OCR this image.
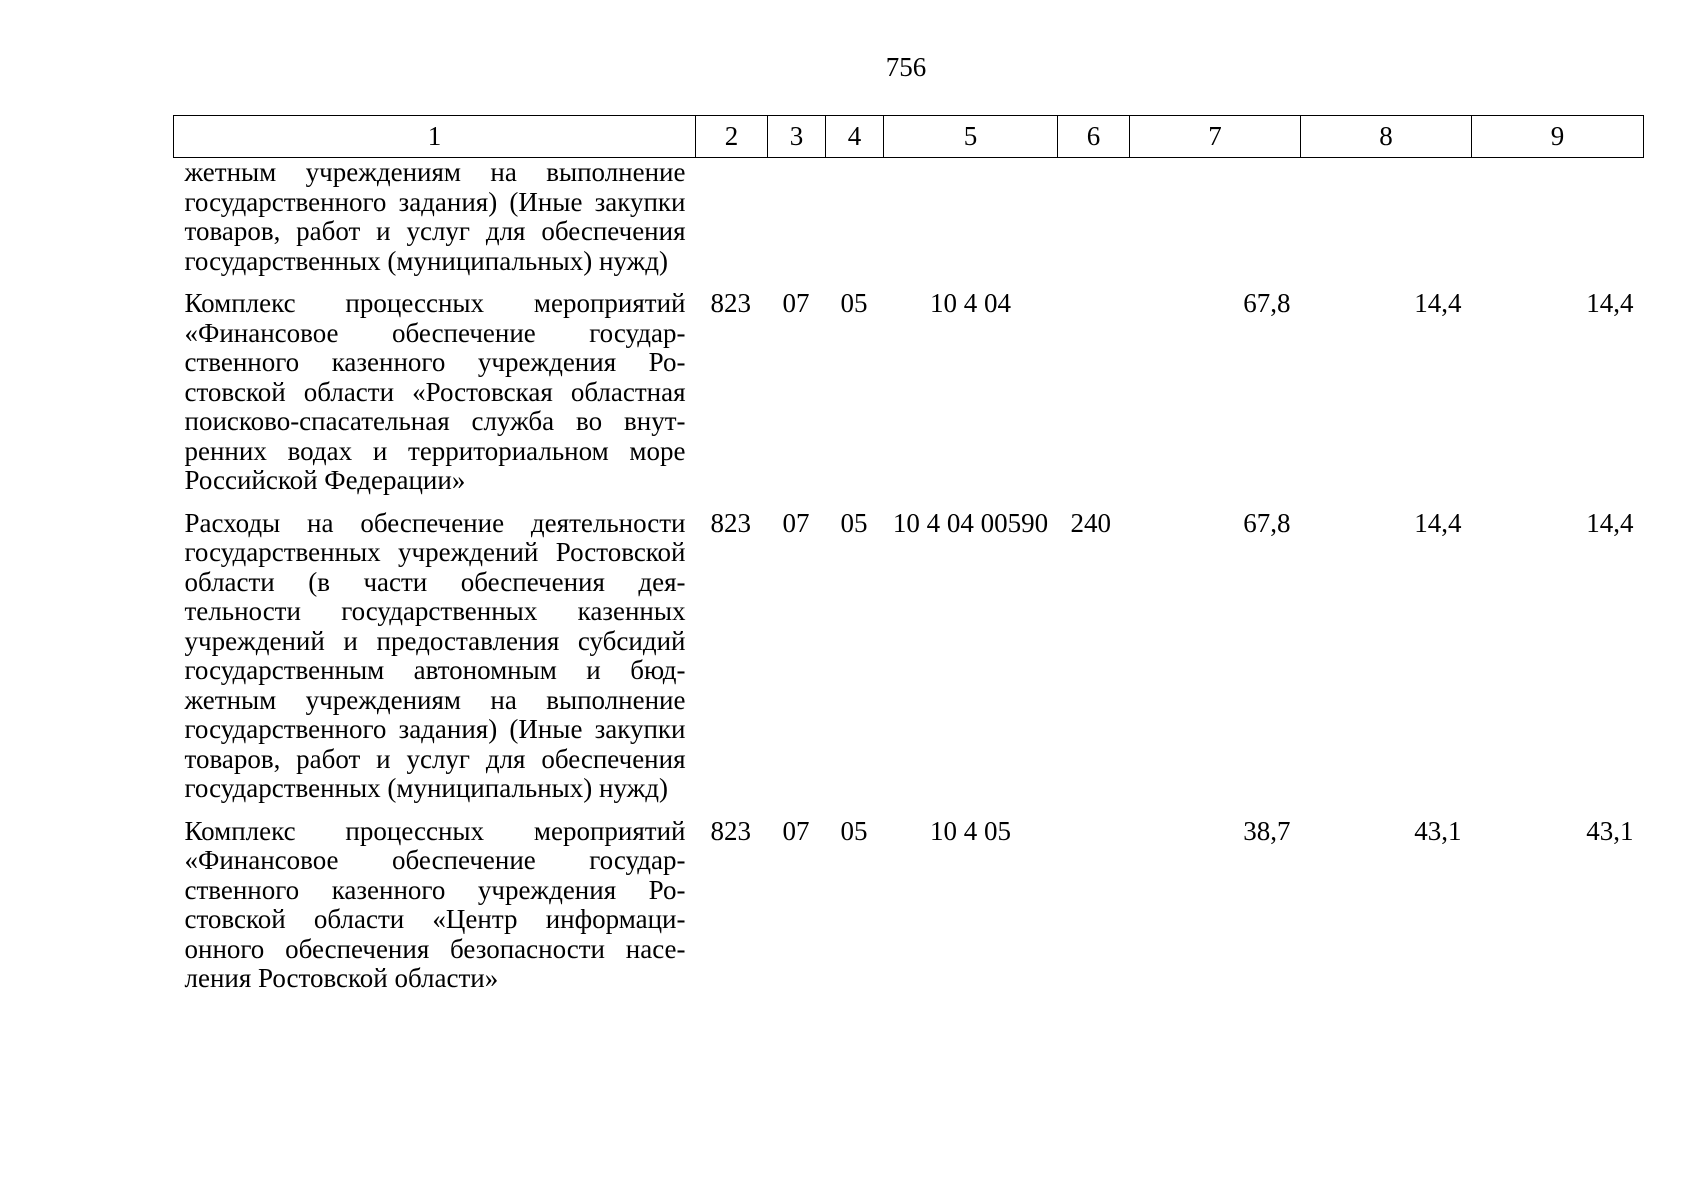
756
1	2	3	4	5	6	7	8	9
жетным учреждениям на выполнение государственного задания) (Иные закупки товаров, работ и услуг для обеспечения государственных (муниципальных) нужд)								
Комплекс процессных мероприятий «Финансовое обеспечение государственного казенного учреждения Ростовской области «Ростовская областная поисково-спасательная служба во внутренних водах и территориальном море Российской Федерации»	823	07	05	10 4 04		67,8	14,4	14,4
Расходы на обеспечение деятельности государственных учреждений Ростовской области (в части обеспечения деятельности государственных казенных учреждений и предоставления субсидий государственным автономным и бюджетным учреждениям на выполнение государственного задания) (Иные закупки товаров, работ и услуг для обеспечения государственных (муниципальных) нужд)	823	07	05	10 4 04 00590	240	67,8	14,4	14,4
Комплекс процессных мероприятий «Финансовое обеспечение государственного казенного учреждения Ростовской области «Центр информационного обеспечения безопасности населения Ростовской области»	823	07	05	10 4 05		38,7	43,1	43,1
